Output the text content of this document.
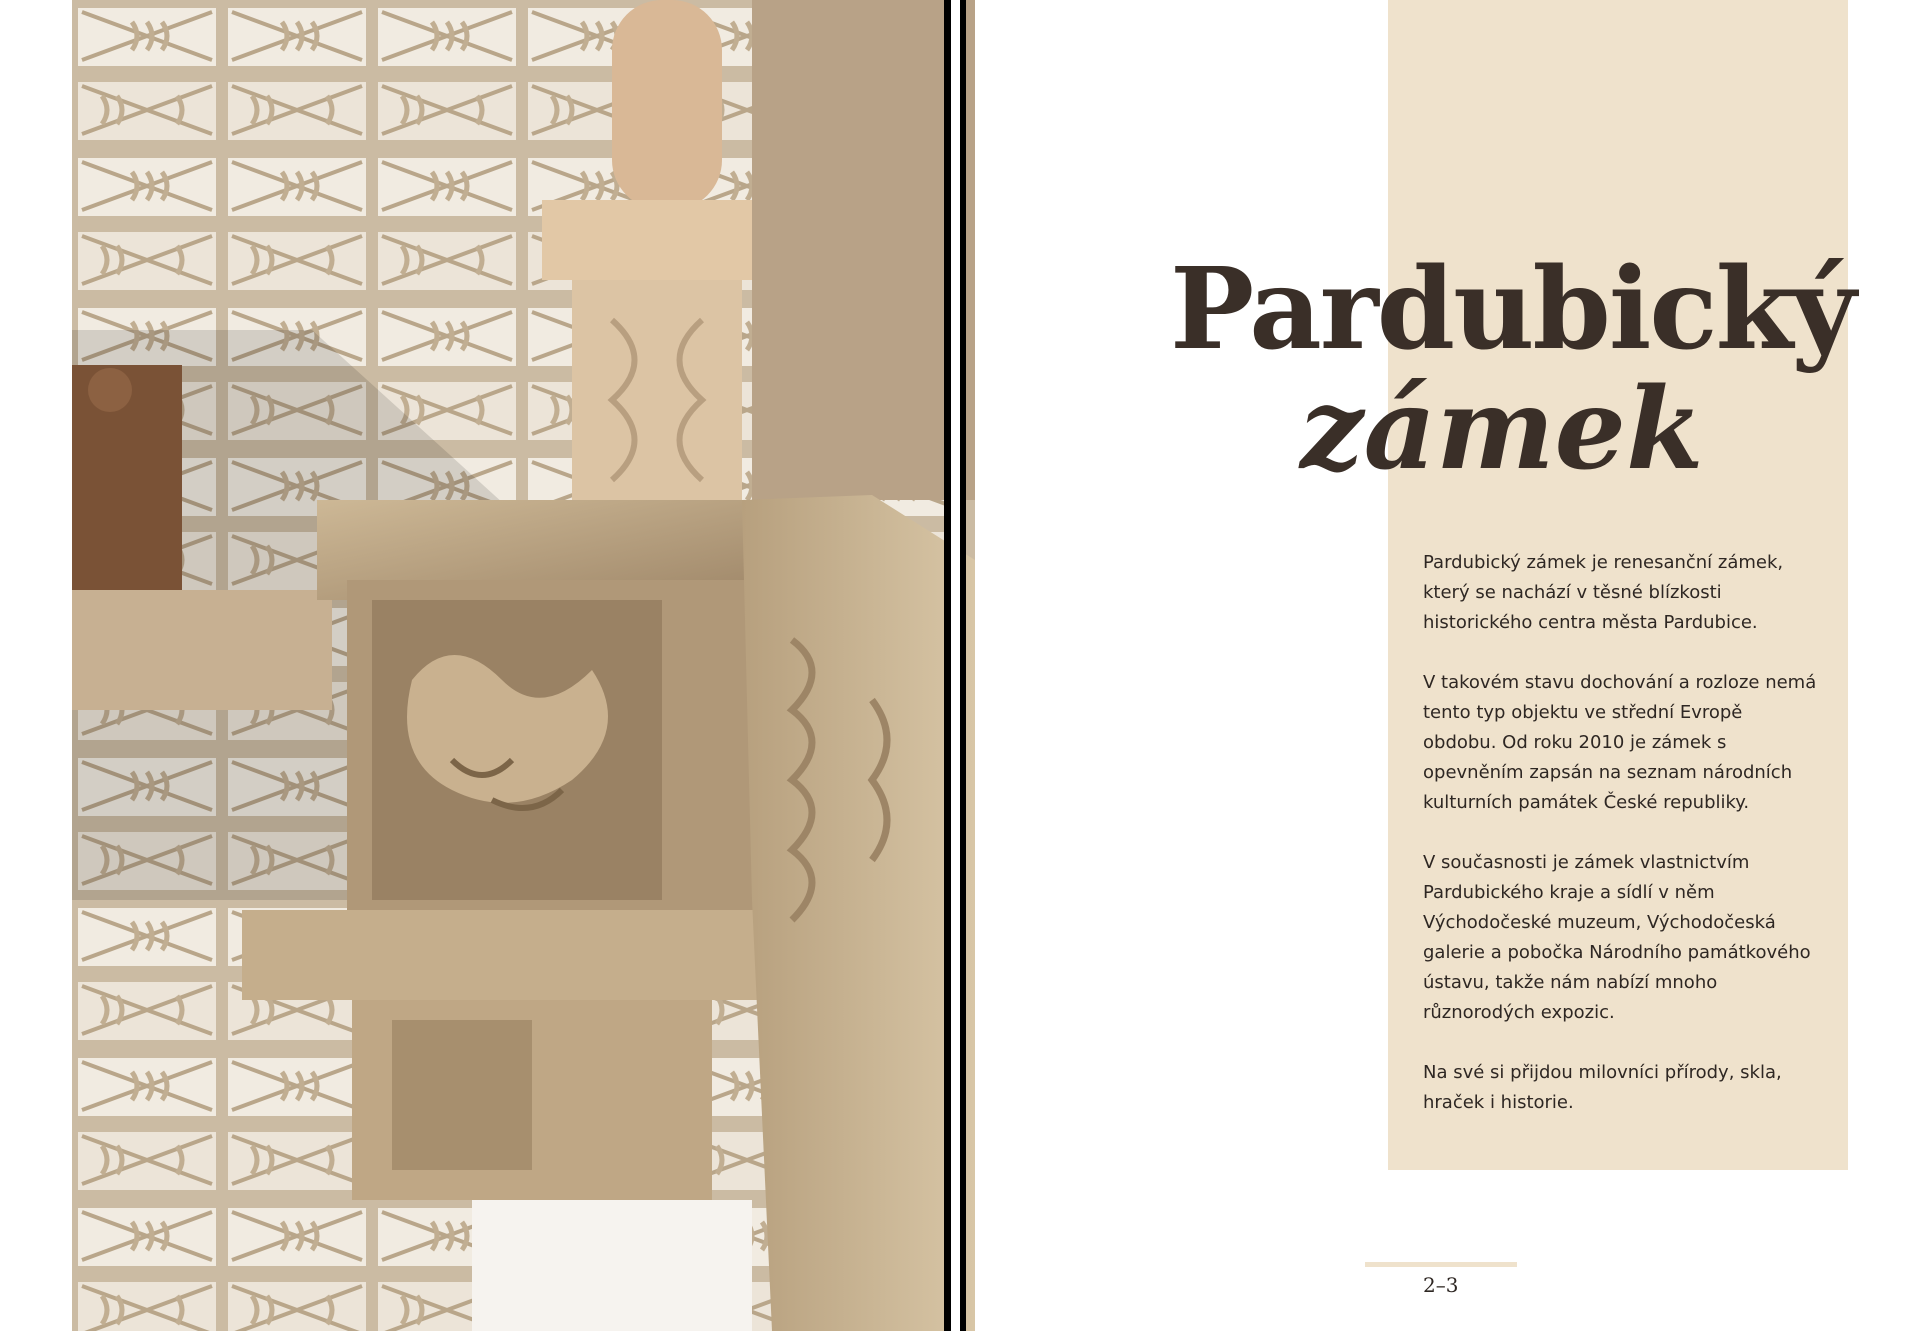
Pardubický
zámek

Pardubický zámek je renesanční zámek, který se nachází v těsné blízkosti historického centra města Pardubice.

V takovém stavu dochování a rozloze nemá tento typ objektu ve střední Evropě obdobu. Od roku 2010 je zámek s opevněním zapsán na seznam národních kulturních památek České republiky.

V současnosti je zámek vlastnictvím Pardubického kraje a sídlí v něm Východočeské muzeum, Východočeská galerie a pobočka Národního památkového ústavu, takže nám nabízí mnoho různorodých expozic.

Na své si přijdou milovníci přírody, skla, hraček i historie.

2–3
